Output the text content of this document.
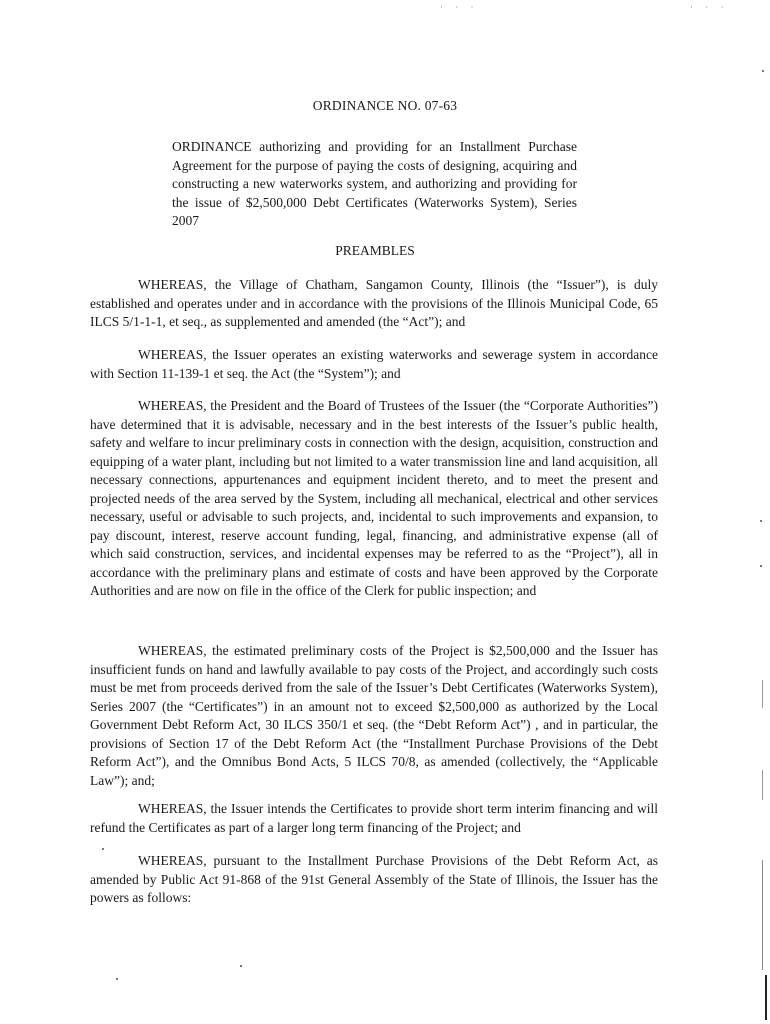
ORDINANCE NO. 07-63
ORDINANCE authorizing and providing for an Installment Purchase Agreement for the purpose of paying the costs of designing, acquiring and constructing a new waterworks system, and authorizing and providing for the issue of $2,500,000 Debt Certificates (Waterworks System), Series 2007
PREAMBLES

WHEREAS, the Village of Chatham, Sangamon County, Illinois (the “Issuer”), is duly established and operates under and in accordance with the provisions of the Illinois Municipal Code, 65 ILCS 5/1-1-1, et seq., as supplemented and amended (the “Act”); and

WHEREAS, the Issuer operates an existing waterworks and sewerage system in accordance with Section 11-139-1 et seq. the Act (the “System”); and

WHEREAS, the President and the Board of Trustees of the Issuer (the “Corporate Authorities”) have determined that it is advisable, necessary and in the best interests of the Issuer’s public health, safety and welfare to incur preliminary costs in connection with the design, acquisition, construction and equipping of a water plant, including but not limited to a water transmission line and land acquisition, all necessary connections, appurtenances and equipment incident thereto, and to meet the present and projected needs of the area served by the System, including all mechanical, electrical and other services necessary, useful or advisable to such projects, and, incidental to such improvements and expansion, to pay discount, interest, reserve account funding, legal, financing, and administrative expense (all of which said construction, services, and incidental expenses may be referred to as the “Project”), all in accordance with the preliminary plans and estimate of costs and have been approved by the Corporate Authorities and are now on file in the office of the Clerk for public inspection; and

WHEREAS, the estimated preliminary costs of the Project is $2,500,000 and the Issuer has insufficient funds on hand and lawfully available to pay costs of the Project, and accordingly such costs must be met from proceeds derived from the sale of the Issuer’s Debt Certificates (Waterworks System), Series 2007 (the “Certificates”) in an amount not to exceed $2,500,000 as authorized by the Local Government Debt Reform Act, 30 ILCS 350/1 et seq. (the “Debt Reform Act”) , and in particular, the provisions of Section 17 of the Debt Reform Act (the “Installment Purchase Provisions of the Debt Reform Act”), and the Omnibus Bond Acts, 5 ILCS 70/8, as amended (collectively, the “Applicable Law”); and;

WHEREAS, the Issuer intends the Certificates to provide short term interim financing and will refund the Certificates as part of a larger long term financing of the Project; and

WHEREAS, pursuant to the Installment Purchase Provisions of the Debt Reform Act, as amended by Public Act 91-868 of the 91st General Assembly of the State of Illinois, the Issuer has the powers as follows:

· · ·	· · ·
